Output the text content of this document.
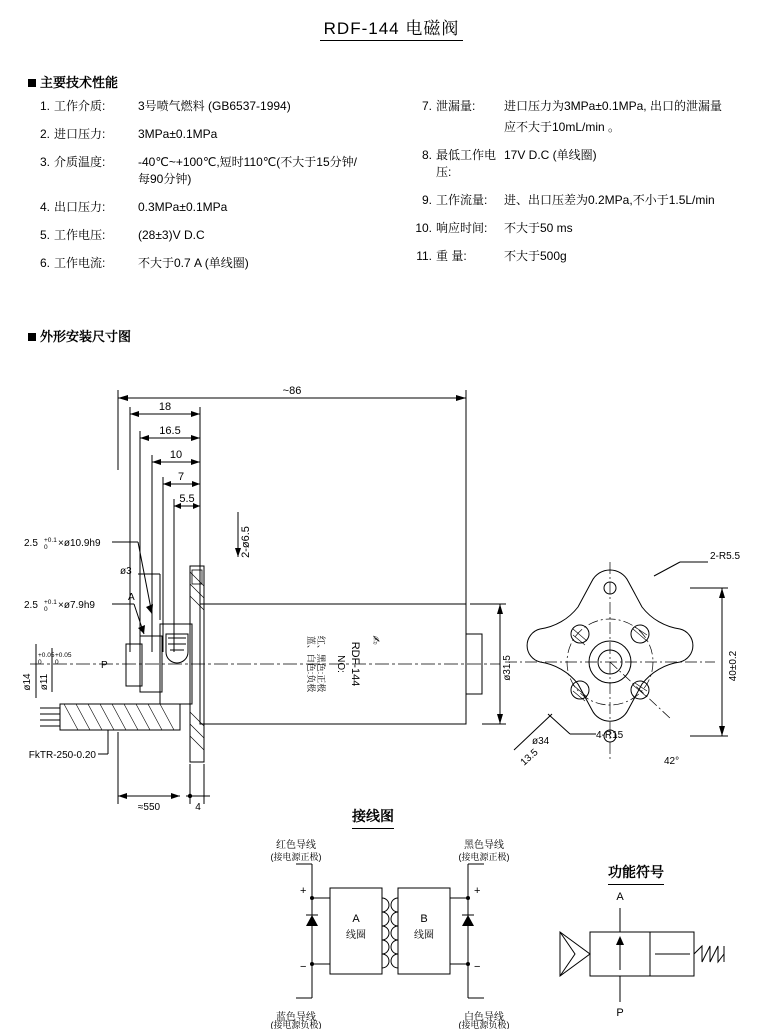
RDF-144 电磁阀
主要技术性能
1. 工作介质:	3号喷气燃料 (GB6537-1994)
2. 进口压力:	3MPa±0.1MPa
3. 介质温度:	-40℃~+100℃,短时110℃(不大于15分钟/每90分钟)
4. 出口压力:	0.3MPa±0.1MPa
5. 工作电压:	(28±3)V D.C
6. 工作电流:	不大于0.7 A (单线圈)
7. 泄漏量:	进口压力为3MPa±0.1MPa, 出口的泄漏量
应不大于10mL/min 。
8. 最低工作电压:
17V D.C (单线圈)
9. 工作流量:	进、出口压差为0.2MPa,不小于1.5L/min
10. 响应时间:	不大于50 ms
11. 重 量:	不大于500g
外形安装尺寸图
~86
18
16.5
10
7
5.5
2-ø6.5
2.5 +0.1
0 ×ø10.9h9
2.5 +0.1
0 ×ø7.9h9
ø3
A
P
ø14
+0.05
0
ø11
+0.05
0	ø31.5
FkTR-250-0.20
≈550	4
RDF-144
NO:
红、黑色:正极
蓝、白色:负极	✍
2-R5.5
4-R15
40±0.2
ø34
13.5	42°
红色导线
(接电源正极)
黑色导线
(接电源正极)
蓝色导线
(接电源负极)
白色导线
(接电源负极)
+	+
−	−
A
线圈
B
线圈
A
P
接线图
功能符号
